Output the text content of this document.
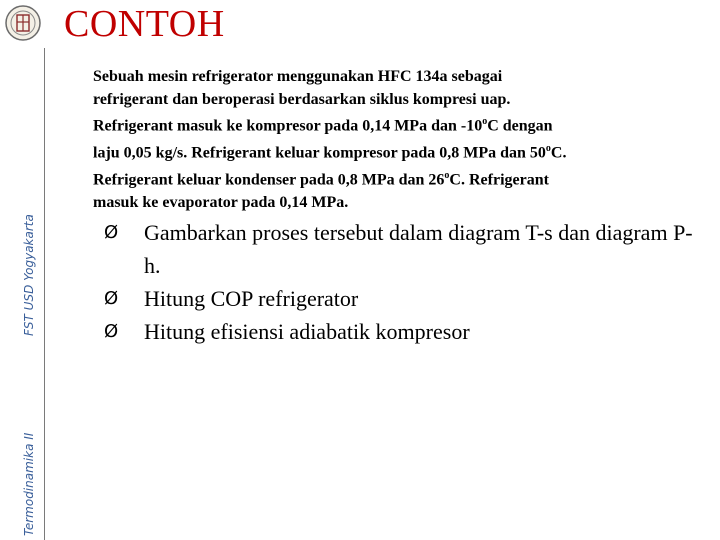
CONTOH
FST USD Yogyakarta
Termodinamika II
Sebuah mesin refrigerator menggunakan HFC 134a sebagai
refrigerant dan beroperasi berdasarkan siklus kompresi uap.
Refrigerant masuk ke kompresor pada 0,14 MPa dan -10$^o$C dengan
laju 0,05 kg/s. Refrigerant keluar kompresor pada 0,8 MPa dan 50$^o$C.
Refrigerant keluar kondenser pada 0,8 MPa dan 26$^o$C. Refrigerant
masuk ke evaporator pada 0,14 MPa.
Ø	Gambarkan proses tersebut dalam diagram T-s dan diagram P-h.
Ø	Hitung COP refrigerator
Ø	Hitung efisiensi adiabatik kompresor
